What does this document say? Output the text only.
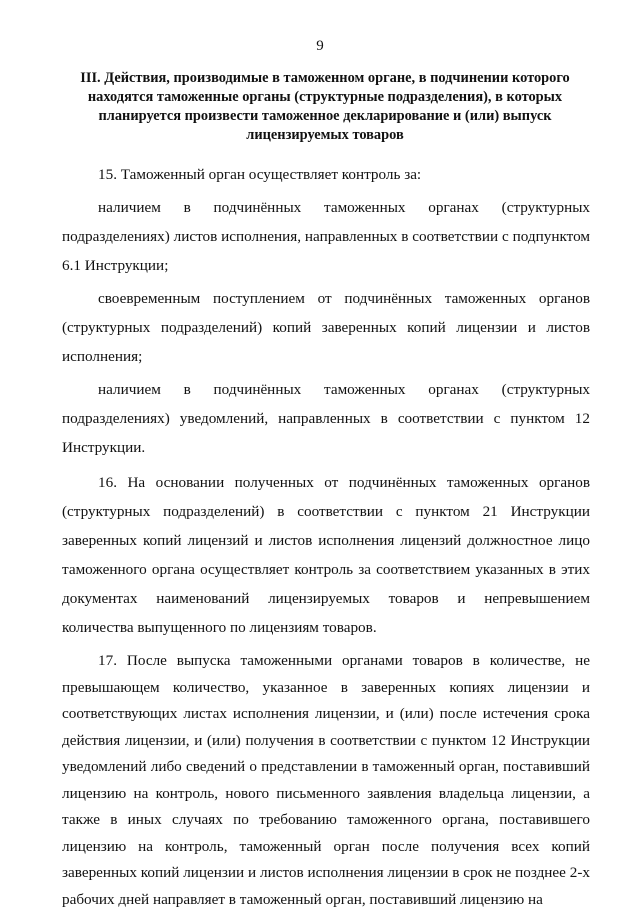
9
III. Действия, производимые в таможенном органе, в подчинении которого находятся таможенные органы (структурные подразделения), в которых планируется произвести таможенное декларирование и (или) выпуск лицензируемых товаров

15. Таможенный орган осуществляет контроль за:

наличием в подчинённых таможенных органах (структурных подразделениях) листов исполнения, направленных в соответствии с подпунктом 6.1 Инструкции;

своевременным поступлением от подчинённых таможенных органов (структурных подразделений) копий заверенных копий лицензии и листов исполнения;

наличием в подчинённых таможенных органах (структурных подразделениях) уведомлений, направленных в соответствии с пунктом 12 Инструкции.

16. На основании полученных от подчинённых таможенных органов (структурных подразделений) в соответствии с пунктом 21 Инструкции заверенных копий лицензий и листов исполнения лицензий должностное лицо таможенного органа осуществляет контроль за соответствием указанных в этих документах наименований лицензируемых товаров и непревышением количества выпущенного по лицензиям товаров.

17. После выпуска таможенными органами товаров в количестве, не превышающем количество, указанное в заверенных копиях лицензии и соответствующих листах исполнения лицензии, и (или) после истечения срока действия лицензии, и (или) получения в соответствии с пунктом 12 Инструкции уведомлений либо сведений о представлении в таможенный орган, поставивший лицензию на контроль, нового письменного заявления владельца лицензии, а также в иных случаях по требованию таможенного органа, поставившего лицензию на контроль, таможенный орган после получения всех копий заверенных копий лицензии и листов исполнения лицензии в срок не позднее 2-х рабочих дней направляет в таможенный орган, поставивший лицензию на
